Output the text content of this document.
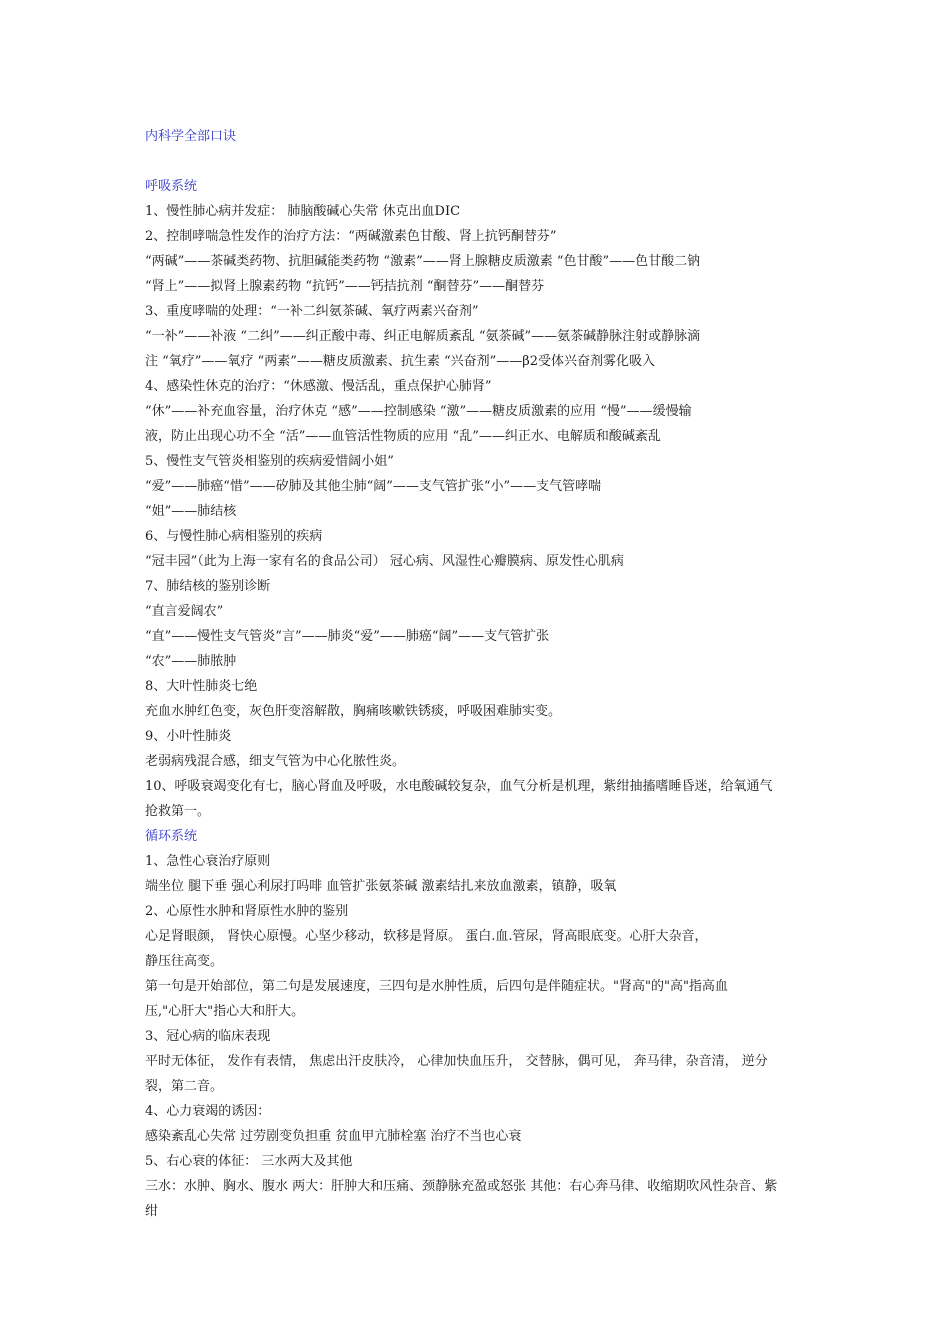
内科学全部口诀
呼吸系统
1、慢性肺心病并发症： 肺脑酸碱心失常 休克出血DIC
2、控制哮喘急性发作的治疗方法：“两碱激素色甘酸、肾上抗钙酮替芬”
“两碱”——茶碱类药物、抗胆碱能类药物 “激素”——肾上腺糖皮质激素 “色甘酸”——色甘酸二钠
“肾上”——拟肾上腺素药物 “抗钙”——钙拮抗剂 “酮替芬”——酮替芬
3、重度哮喘的处理：“一补二纠氨茶碱、氧疗两素兴奋剂”
“一补”——补液 “二纠”——纠正酸中毒、纠正电解质紊乱 “氨茶碱”——氨茶碱静脉注射或静脉滴
注 “氧疗”——氧疗 “两素”——糖皮质激素、抗生素 “兴奋剂”——β2受体兴奋剂雾化吸入
4、感染性休克的治疗：“休感激、慢活乱，重点保护心肺肾”
“休”——补充血容量，治疗休克 “感”——控制感染 “激”——糖皮质激素的应用 “慢”——缓慢输
液，防止出现心功不全 “活”——血管活性物质的应用 “乱”——纠正水、电解质和酸碱紊乱
5、慢性支气管炎相鉴别的疾病爱惜阔小姐”
“爱”——肺癌“惜”——矽肺及其他尘肺“阔”——支气管扩张“小”——支气管哮喘
“姐”——肺结核
6、与慢性肺心病相鉴别的疾病
“冠丰园”（此为上海一家有名的食品公司） 冠心病、风湿性心瓣膜病、原发性心肌病
7、肺结核的鉴别诊断
“直言爱阔农”
“直”——慢性支气管炎“言”——肺炎“爱”——肺癌“阔”——支气管扩张
“农”——肺脓肿
8、大叶性肺炎七绝
充血水肿红色变，灰色肝变溶解散，胸痛咳嗽铁锈痰，呼吸困难肺实变。
9、小叶性肺炎
老弱病残混合感，细支气管为中心化脓性炎。
10、呼吸衰竭变化有七，脑心肾血及呼吸，水电酸碱较复杂，血气分析是机理，紫绀抽搐嗜睡昏迷，给氧通气
抢救第一。
循环系统
1、急性心衰治疗原则
端坐位 腿下垂 强心利尿打吗啡 血管扩张氨茶碱 激素结扎来放血激素，镇静，吸氧
2、心原性水肿和肾原性水肿的鉴别
心足肾眼颜， 肾快心原慢。心坚少移动，软移是肾原。 蛋白.血.管尿，肾高眼底变。心肝大杂音，
静压往高变。
第一句是开始部位，第二句是发展速度，三四句是水肿性质，后四句是伴随症状。"肾高"的"高"指高血
压,"心肝大"指心大和肝大。
3、冠心病的临床表现
平时无体征， 发作有表情， 焦虑出汗皮肤冷， 心律加快血压升， 交替脉，偶可见， 奔马律，杂音清， 逆分
裂，第二音。
4、心力衰竭的诱因：
感染紊乱心失常 过劳剧变负担重 贫血甲亢肺栓塞 治疗不当也心衰
5、右心衰的体征： 三水两大及其他
三水：水肿、胸水、腹水 两大：肝肿大和压痛、颈静脉充盈或怒张 其他：右心奔马律、收缩期吹风性杂音、紫
绀
